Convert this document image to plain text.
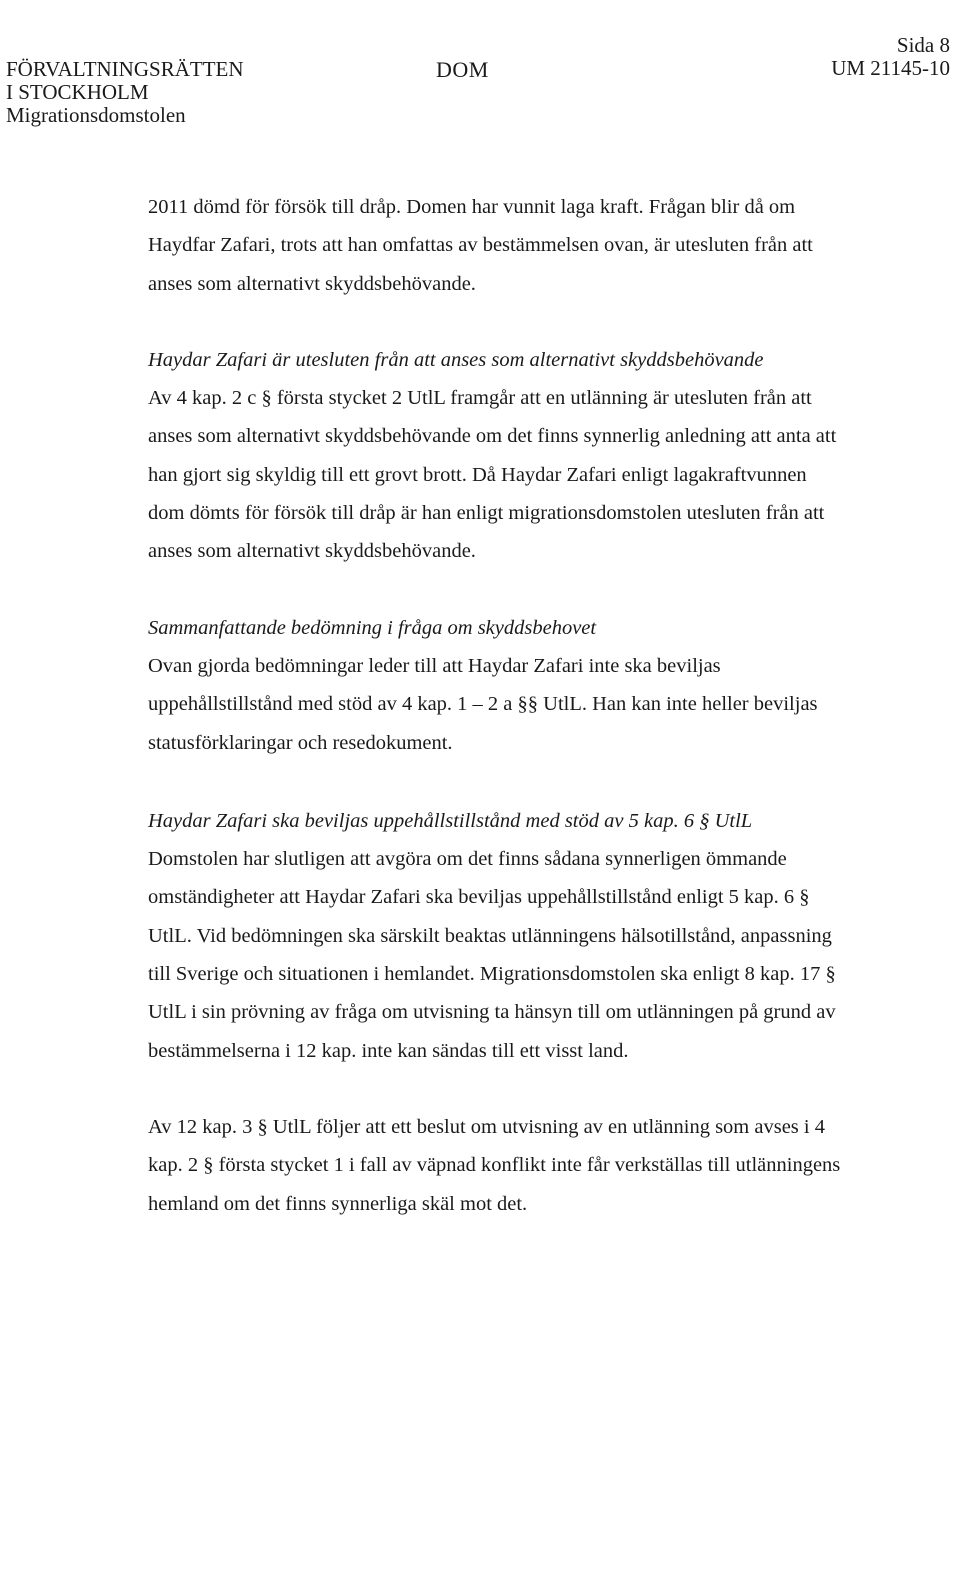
FÖRVALTNINGSRÄTTEN
I STOCKHOLM
Migrationsdomstolen
DOM
Sida 8
UM 21145-10

2011 dömd för försök till dråp. Domen har vunnit laga kraft. Frågan blir då om Haydfar Zafari, trots att han omfattas av bestämmelsen ovan, är utesluten från att anses som alternativt skyddsbehövande.

Haydar Zafari är utesluten från att anses som alternativt skyddsbehövande

Av 4 kap. 2 c § första stycket 2 UtlL framgår att en utlänning är utesluten från att anses som alternativt skyddsbehövande om det finns synnerlig anledning att anta att han gjort sig skyldig till ett grovt brott. Då Haydar Zafari enligt lagakraftvunnen dom dömts för försök till dråp är han enligt migrationsdomstolen utesluten från att anses som alternativt skyddsbehövande.

Sammanfattande bedömning i fråga om skyddsbehovet

Ovan gjorda bedömningar leder till att Haydar Zafari inte ska beviljas uppehållstillstånd med stöd av 4 kap. 1 – 2 a §§ UtlL. Han kan inte heller beviljas statusförklaringar och resedokument.

Haydar Zafari ska beviljas uppehållstillstånd med stöd av 5 kap. 6 § UtlL

Domstolen har slutligen att avgöra om det finns sådana synnerligen ömmande omständigheter att Haydar Zafari ska beviljas uppehållstillstånd enligt 5 kap. 6 § UtlL. Vid bedömningen ska särskilt beaktas utlänningens hälsotillstånd, anpassning till Sverige och situationen i hemlandet. Migrationsdomstolen ska enligt 8 kap. 17 § UtlL i sin prövning av fråga om utvisning ta hänsyn till om utlänningen på grund av bestämmelserna i 12 kap. inte kan sändas till ett visst land.

Av 12 kap. 3 § UtlL följer att ett beslut om utvisning av en utlänning som avses i 4 kap. 2 § första stycket 1 i fall av väpnad konflikt inte får verkställas till utlänningens hemland om det finns synnerliga skäl mot det.
